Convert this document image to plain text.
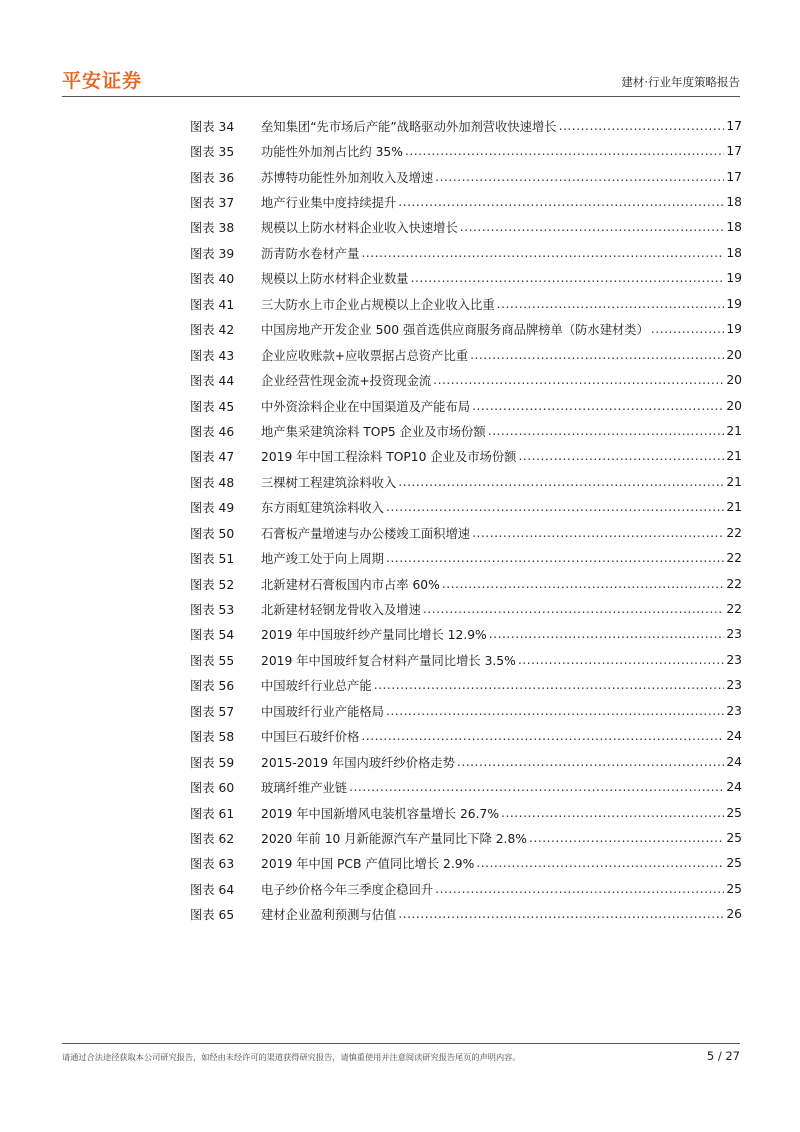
平安证券	建材·行业年度策略报告
图表 34	垒知集团“先市场后产能”战略驱动外加剂营收快速增长 .....	17
图表 35	功能性外加剂占比约 35% .....	17
图表 36	苏博特功能性外加剂收入及增速 .....	17
图表 37	地产行业集中度持续提升 .....	18
图表 38	规模以上防水材料企业收入快速增长 .....	18
图表 39	沥青防水卷材产量 .....	18
图表 40	规模以上防水材料企业数量 .....	19
图表 41	三大防水上市企业占规模以上企业收入比重 .....	19
图表 42	中国房地产开发企业 500 强首选供应商服务商品牌榜单（防水建材类） .....	19
图表 43	企业应收账款+应收票据占总资产比重 .....	20
图表 44	企业经营性现金流+投资现金流 .....	20
图表 45	中外资涂料企业在中国渠道及产能布局 .....	20
图表 46	地产集采建筑涂料 TOP5 企业及市场份额 .....	21
图表 47	2019 年中国工程涂料 TOP10 企业及市场份额 .....	21
图表 48	三棵树工程建筑涂料收入 .....	21
图表 49	东方雨虹建筑涂料收入 .....	21
图表 50	石膏板产量增速与办公楼竣工面积增速 .....	22
图表 51	地产竣工处于向上周期 .....	22
图表 52	北新建材石膏板国内市占率 60% .....	22
图表 53	北新建材轻钢龙骨收入及增速 .....	22
图表 54	2019 年中国玻纤纱产量同比增长 12.9% .....	23
图表 55	2019 年中国玻纤复合材料产量同比增长 3.5% .....	23
图表 56	中国玻纤行业总产能 .....	23
图表 57	中国玻纤行业产能格局 .....	23
图表 58	中国巨石玻纤价格 .....	24
图表 59	2015-2019 年国内玻纤纱价格走势 .....	24
图表 60	玻璃纤维产业链 .....	24
图表 61	2019 年中国新增风电装机容量增长 26.7% .....	25
图表 62	2020 年前 10 月新能源汽车产量同比下降 2.8% .....	25
图表 63	2019 年中国 PCB 产值同比增长 2.9% .....	25
图表 64	电子纱价格今年三季度企稳回升 .....	25
图表 65	建材企业盈利预测与估值 .....	26
请通过合法途径获取本公司研究报告，如经由未经许可的渠道获得研究报告，请慎重使用并注意阅读研究报告尾页的声明内容。	5 / 27
